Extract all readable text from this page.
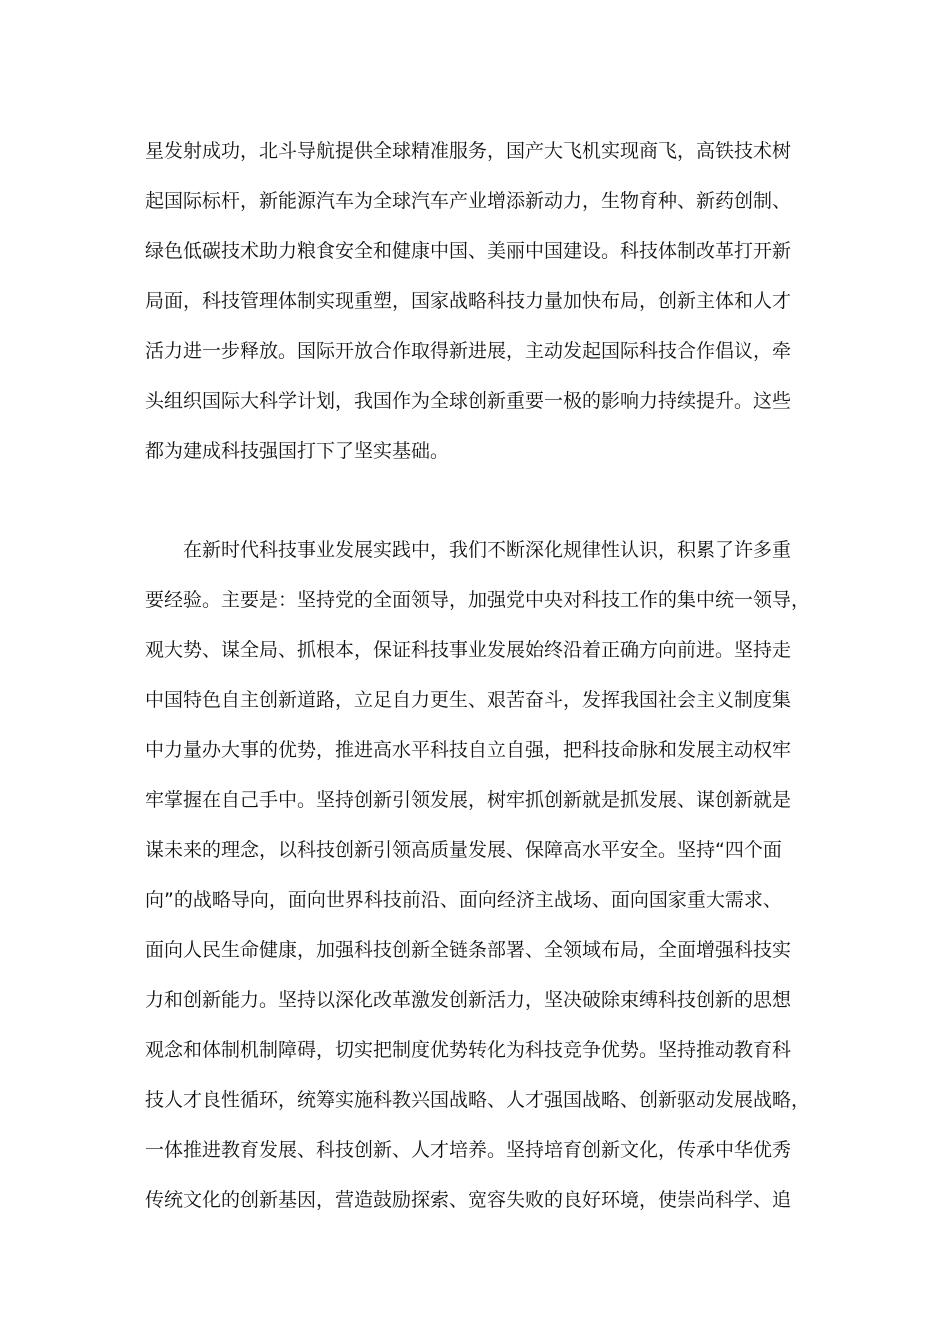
星发射成功，北斗导航提供全球精准服务，国产大飞机实现商飞，高铁技术树
起国际标杆，新能源汽车为全球汽车产业增添新动力，生物育种、新药创制、
绿色低碳技术助力粮食安全和健康中国、美丽中国建设。科技体制改革打开新
局面，科技管理体制实现重塑，国家战略科技力量加快布局，创新主体和人才
活力进一步释放。国际开放合作取得新进展，主动发起国际科技合作倡议，牵
头组织国际大科学计划，我国作为全球创新重要一极的影响力持续提升。这些
都为建成科技强国打下了坚实基础。
在新时代科技事业发展实践中，我们不断深化规律性认识，积累了许多重
要经验。主要是：坚持党的全面领导，加强党中央对科技工作的集中统一领导，
观大势、谋全局、抓根本，保证科技事业发展始终沿着正确方向前进。坚持走
中国特色自主创新道路，立足自力更生、艰苦奋斗，发挥我国社会主义制度集
中力量办大事的优势，推进高水平科技自立自强，把科技命脉和发展主动权牢
牢掌握在自己手中。坚持创新引领发展，树牢抓创新就是抓发展、谋创新就是
谋未来的理念，以科技创新引领高质量发展、保障高水平安全。坚持“四个面
向”的战略导向，面向世界科技前沿、面向经济主战场、面向国家重大需求、
面向人民生命健康，加强科技创新全链条部署、全领域布局，全面增强科技实
力和创新能力。坚持以深化改革激发创新活力，坚决破除束缚科技创新的思想
观念和体制机制障碍，切实把制度优势转化为科技竞争优势。坚持推动教育科
技人才良性循环，统筹实施科教兴国战略、人才强国战略、创新驱动发展战略，
一体推进教育发展、科技创新、人才培养。坚持培育创新文化，传承中华优秀
传统文化的创新基因，营造鼓励探索、宽容失败的良好环境，使崇尚科学、追
